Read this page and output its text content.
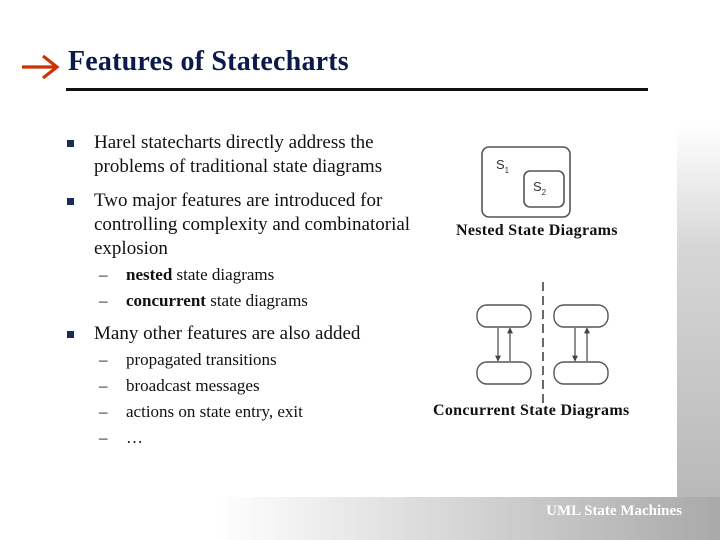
Features of Statecharts
Harel statecharts directly address the
problems of traditional state diagrams
Two major features are introduced for
controlling complexity and combinatorial
explosion
– nested state diagrams
– concurrent state diagrams
Many other features are also added
– propagated transitions
– broadcast messages
– actions on state entry, exit
– …
$S_1$
$S_2$
Nested State Diagrams
Concurrent State Diagrams
UML State Machines
